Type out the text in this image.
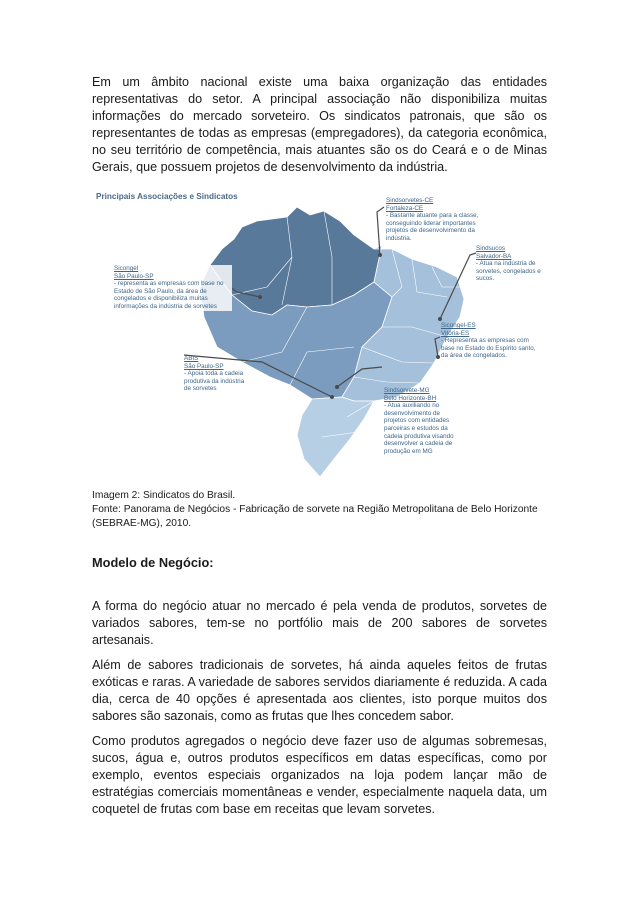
Em um âmbito nacional existe uma baixa organização das entidades representativas do setor. A principal associação não disponibiliza muitas informações do mercado sorveteiro. Os sindicatos patronais, que são os representantes de todas as empresas (empregadores), da categoria econômica, no seu território de competência, mais atuantes são os do Ceará e o de Minas Gerais, que possuem projetos de desenvolvimento da indústria.

Principais Associações e Sindicatos	Sindsorvetes-CE
Fortaleza-CE
- Bastante atuante para a classe, conseguindo liderar importantes projetos de desenvolvimento da indústria.
Sindsucos
Salvador-BA
- Atua na indústria de sorvetes, congelados e sucos.
Sicongel-ES
Vitória-ES
- Representa as empresas com base no Estado do Espírito santo, da área de congelados.
Sindsorvete-MG
Belo Horizonte-BH
- Atua auxiliando no desenvolvimento de projetos com entidades parceiras e estudos da cadeia produtiva visando desenvolver a cadeia de produção em MG
Sicongel
São Paulo-SP
- representa as empresas com base no Estado de São Paulo, da área de congelados e disponibiliza muitas informações da indústria de sorvetes
ABIS
São Paulo-SP
- Apoia toda a cadeia produtiva da indústria de sorvetes
Imagem 2: Sindicatos do Brasil.
Fonte: Panorama de Negócios - Fabricação de sorvete na Região Metropolitana de Belo Horizonte (SEBRAE-MG), 2010.

Modelo de Negócio:

A forma do negócio atuar no mercado é pela venda de produtos, sorvetes de variados sabores, tem-se no portfólio mais de 200 sabores de sorvetes artesanais.

Além de sabores tradicionais de sorvetes, há ainda aqueles feitos de frutas exóticas e raras. A variedade de sabores servidos diariamente é reduzida. A cada dia, cerca de 40 opções é apresentada aos clientes, isto porque muitos dos sabores são sazonais, como as frutas que lhes concedem sabor.

Como produtos agregados o negócio deve fazer uso de algumas sobremesas, sucos, água e, outros produtos específicos em datas específicas, como por exemplo, eventos especiais organizados na loja podem lançar mão de estratégias comerciais momentâneas e vender, especialmente naquela data, um coquetel de frutas com base em receitas que levam sorvetes.
